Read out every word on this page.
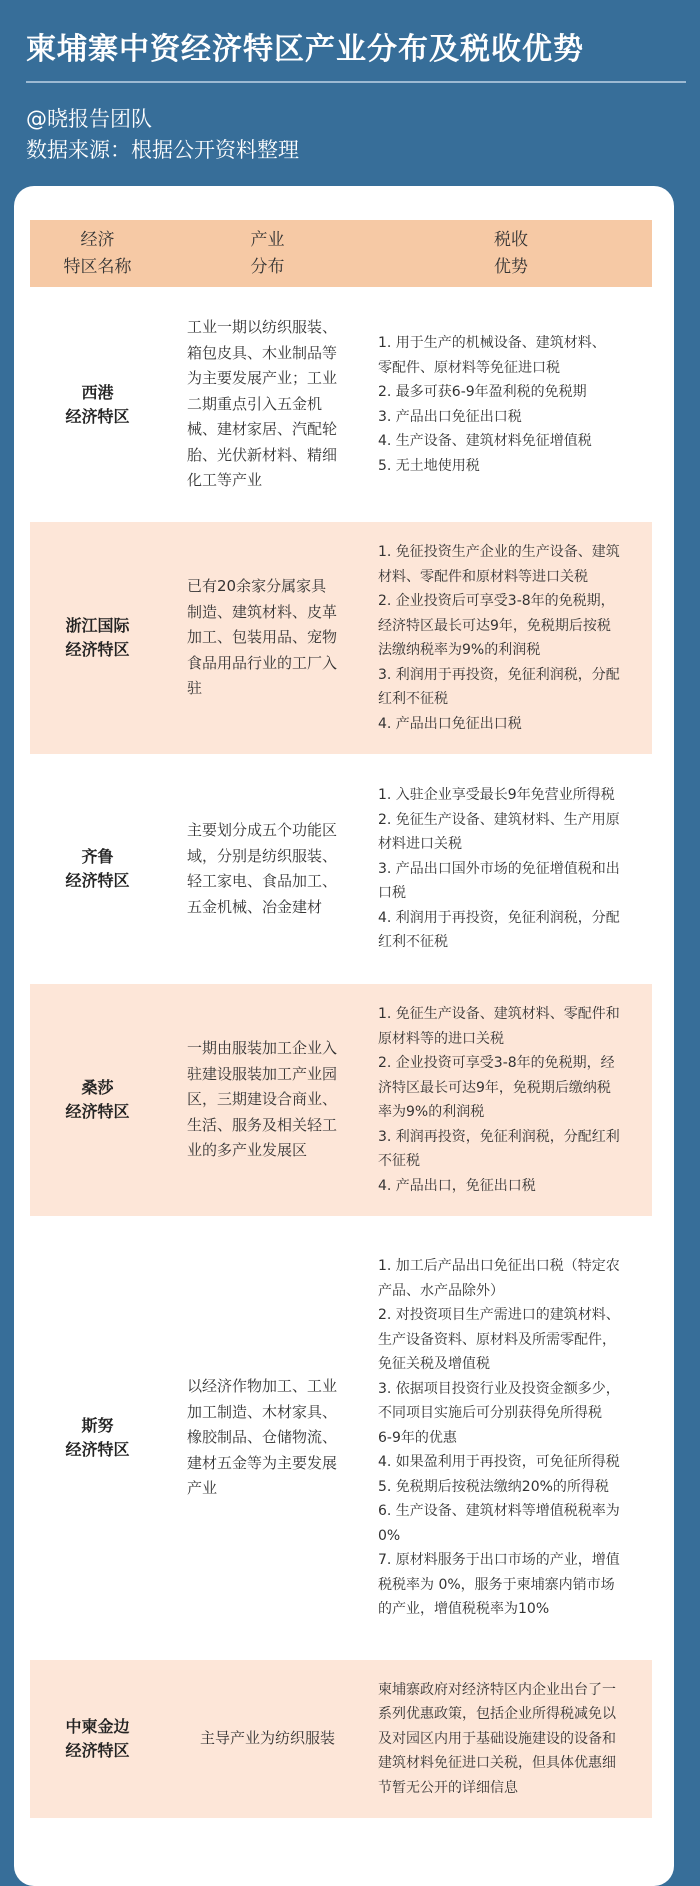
柬埔寨中资经济特区产业分布及税收优势
@晓报告团队
数据来源：根据公开资料整理
经济
特区名称
产业
分布
税收
优势
西港
经济特区
工业一期以纺织服装、
箱包皮具、木业制品等
为主要发展产业；工业
二期重点引入五金机
械、建材家居、汽配轮
胎、光伏新材料、精细
化工等产业
1. 用于生产的机械设备、建筑材料、
零配件、原材料等免征进口税
2. 最多可获6-9年盈利税的免税期
3. 产品出口免征出口税
4. 生产设备、建筑材料免征增值税
5. 无土地使用税
浙江国际
经济特区
已有20余家分属家具
制造、建筑材料、皮革
加工、包装用品、宠物
食品用品行业的工厂入
驻
1. 免征投资生产企业的生产设备、建筑
材料、零配件和原材料等进口关税
2. 企业投资后可享受3-8年的免税期，
经济特区最长可达9年，免税期后按税
法缴纳税率为9%的利润税
3. 利润用于再投资，免征利润税，分配
红利不征税
4. 产品出口免征出口税
齐鲁
经济特区
主要划分成五个功能区
域，分别是纺织服装、
轻工家电、食品加工、
五金机械、冶金建材
1. 入驻企业享受最长9年免营业所得税
2. 免征生产设备、建筑材料、生产用原
材料进口关税
3. 产品出口国外市场的免征增值税和出
口税
4. 利润用于再投资，免征利润税，分配
红利不征税
桑莎
经济特区
一期由服装加工企业入
驻建设服装加工产业园
区，三期建设合商业、
生活、服务及相关轻工
业的多产业发展区
1. 免征生产设备、建筑材料、零配件和
原材料等的进口关税
2. 企业投资可享受3-8年的免税期，经
济特区最长可达9年，免税期后缴纳税
率为9%的利润税
3. 利润再投资，免征利润税，分配红利
不征税
4. 产品出口，免征出口税
斯努
经济特区
以经济作物加工、工业
加工制造、木材家具、
橡胶制品、仓储物流、
建材五金等为主要发展
产业
1. 加工后产品出口免征出口税（特定农
产品、水产品除外）
2. 对投资项目生产需进口的建筑材料、
生产设备资料、原材料及所需零配件，
免征关税及增值税
3. 依据项目投资行业及投资金额多少，
不同项目实施后可分别获得免所得税
6-9年的优惠
4. 如果盈利用于再投资，可免征所得税
5. 免税期后按税法缴纳20%的所得税
6. 生产设备、建筑材料等增值税税率为
0%
7. 原材料服务于出口市场的产业，增值
税税率为 0%，服务于柬埔寨内销市场
的产业，增值税税率为10%
中柬金边
经济特区
主导产业为纺织服装
柬埔寨政府对经济特区内企业出台了一
系列优惠政策，包括企业所得税减免以
及对园区内用于基础设施建设的设备和
建筑材料免征进口关税，但具体优惠细
节暂无公开的详细信息
